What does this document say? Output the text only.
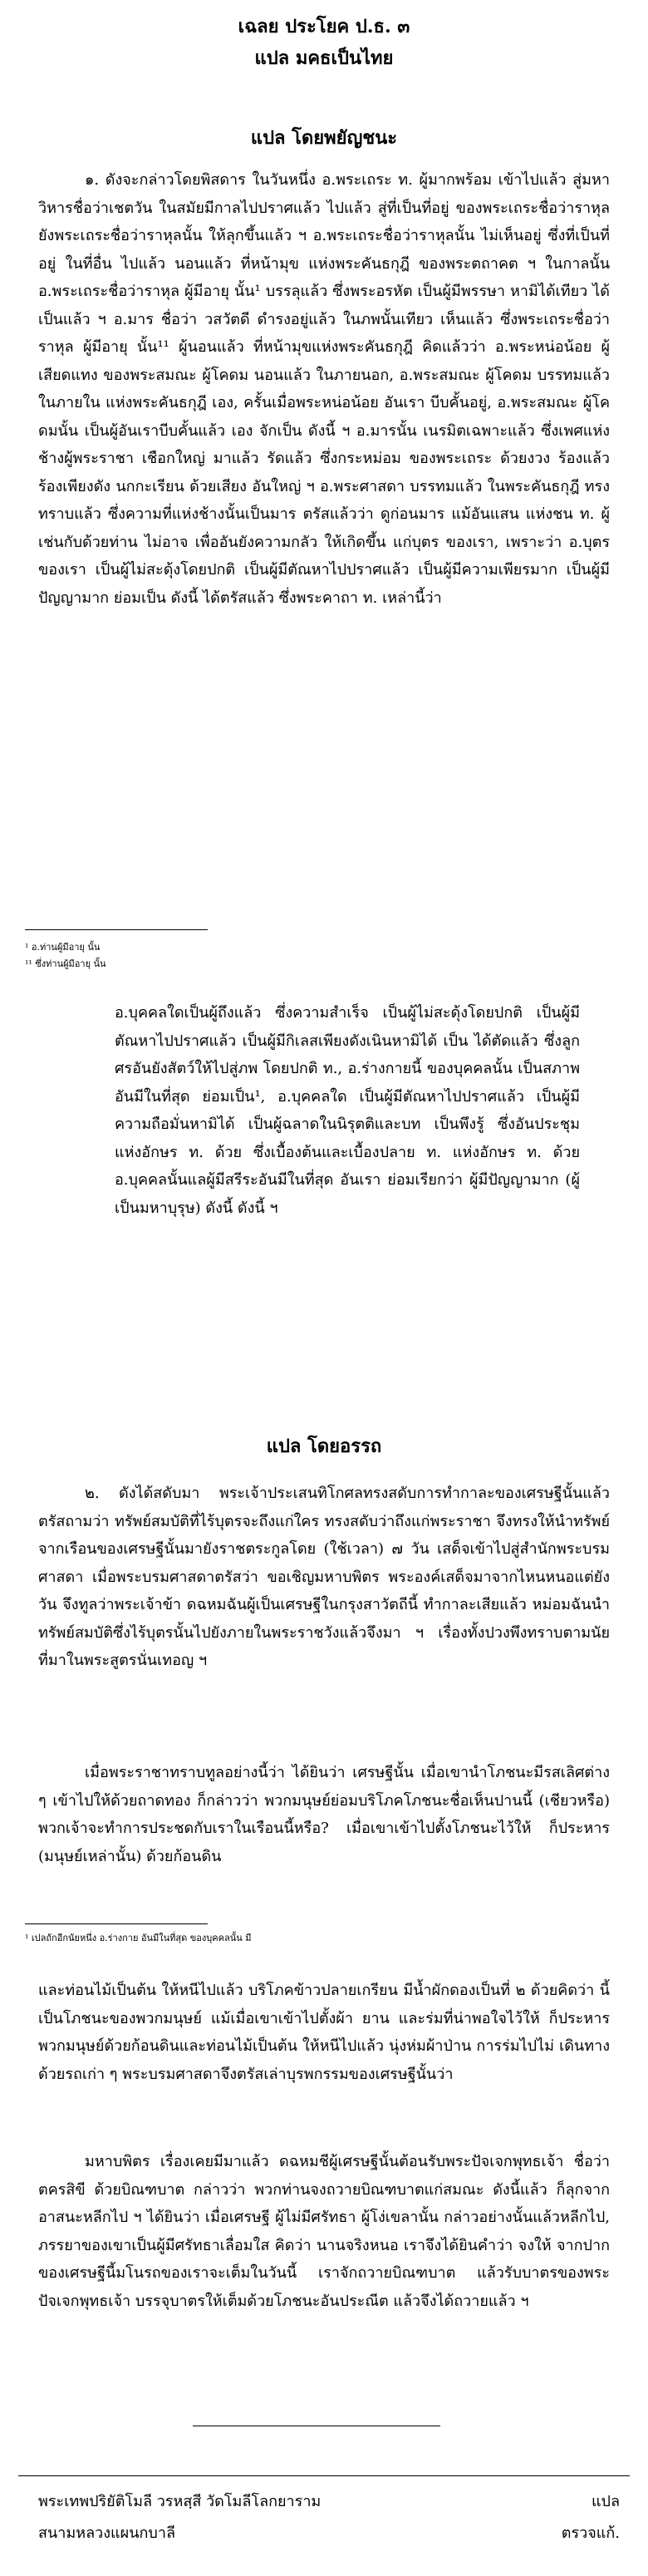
เฉลย ประโยค ป.ธ. ๓
แปล มคธเป็นไทย
แปล โดยพยัญชนะ

๑. ดังจะกล่าวโดยพิสดาร ในวันหนึ่ง อ.พระเถระ ท. ผู้มากพร้อม เข้าไปแล้ว สู่มหาวิหารชื่อว่าเชตวัน ในสมัยมีกาลไปปราศแล้ว ไปแล้ว สู่ที่เป็นที่อยู่ ของพระเถระชื่อว่าราหุล ยังพระเถระชื่อว่าราหุลนั้น ให้ลุกขึ้นแล้ว ฯ อ.พระเถระชื่อว่าราหุลนั้น ไม่เห็นอยู่ ซึ่งที่เป็นที่อยู่ ในที่อื่น ไปแล้ว นอนแล้ว ที่หน้ามุข แห่งพระคันธกุฎี ของพระตถาคต ฯ ในกาลนั้น อ.พระเถระชื่อว่าราหุล ผู้มีอายุ นั้น¹ บรรลุแล้ว ซึ่งพระอรหัต เป็นผู้มีพรรษา หามิได้เทียว ได้เป็นแล้ว ฯ อ.มาร ชื่อว่า วสวัตดี ดำรงอยู่แล้ว ในภพนั้นเทียว เห็นแล้ว ซึ่งพระเถระชื่อว่าราหุล ผู้มีอายุ นั้น¹¹ ผู้นอนแล้ว ที่หน้ามุขแห่งพระคันธกุฎี คิดแล้วว่า อ.พระหน่อน้อย ผู้เสียดแทง ของพระสมณะ ผู้โคดม นอนแล้ว ในภายนอก, อ.พระสมณะ ผู้โคดม บรรทมแล้ว ในภายใน แห่งพระคันธกุฎี เอง, ครั้นเมื่อพระหน่อน้อย อันเรา บีบคั้นอยู่, อ.พระสมณะ ผู้โคดมนั้น เป็นผู้อันเราบีบคั้นแล้ว เอง จักเป็น ดังนี้ ฯ อ.มารนั้น เนรมิตเฉพาะแล้ว ซึ่งเพศแห่งช้างผู้พระราชา เชือกใหญ่ มาแล้ว รัดแล้ว ซึ่งกระหม่อม ของพระเถระ ด้วยงวง ร้องแล้ว ร้องเพียงดัง นกกะเรียน ด้วยเสียง อันใหญ่ ฯ อ.พระศาสดา บรรทมแล้ว ในพระคันธกุฎี ทรงทราบแล้ว ซึ่งความที่แห่งช้างนั้นเป็นมาร ตรัสแล้วว่า ดูก่อนมาร แม้อันแสน แห่งชน ท. ผู้เช่นกับด้วยท่าน ไม่อาจ เพื่ออันยังความกลัว ให้เกิดขึ้น แก่บุตร ของเรา, เพราะว่า อ.บุตร ของเรา เป็นผู้ไม่สะดุ้งโดยปกติ เป็นผู้มีตัณหาไปปราศแล้ว เป็นผู้มีความเพียรมาก เป็นผู้มีปัญญามาก ย่อมเป็น ดังนี้ ได้ตรัสแล้ว ซึ่งพระคาถา ท. เหล่านี้ว่า

¹ อ.ท่านผู้มีอายุ นั้น
¹¹ ซึ่งท่านผู้มีอายุ นั้น

อ.บุคคลใดเป็นผู้ถึงแล้ว ซึ่งความสำเร็จ เป็นผู้ไม่สะดุ้งโดยปกติ เป็นผู้มีตัณหาไปปราศแล้ว เป็นผู้มีกิเลสเพียงดังเนินหามิได้ เป็น ได้ตัดแล้ว ซึ่งลูกศรอันยังสัตว์ให้ไปสู่ภพ โดยปกติ ท., อ.ร่างกายนี้ ของบุคคลนั้น เป็นสภาพอันมีในที่สุด ย่อมเป็น¹, อ.บุคคลใด เป็นผู้มีตัณหาไปปราศแล้ว เป็นผู้มีความถือมั่นหามิได้ เป็นผู้ฉลาดในนิรุตติและบท เป็นพึงรู้ ซึ่งอันประชุม แห่งอักษร ท. ด้วย ซึ่งเบื้องต้นและเบื้องปลาย ท. แห่งอักษร ท. ด้วย อ.บุคคลนั้นแลผู้มีสรีระอันมีในที่สุด อันเรา ย่อมเรียกว่า ผู้มีปัญญามาก (ผู้เป็นมหาบุรุษ) ดังนี้ ดังนี้ ฯ

แปล โดยอรรถ

๒. ดังได้สดับมา พระเจ้าประเสนทิโกศลทรงสดับการทำกาละของเศรษฐีนั้นแล้ว ตรัสถามว่า ทรัพย์สมบัติที่ไร้บุตรจะถึงแก่ใคร ทรงสดับว่าถึงแก่พระราชา จึงทรงให้นำทรัพย์จากเรือนของเศรษฐีนั้นมายังราชตระกูลโดย (ใช้เวลา) ๗ วัน เสด็จเข้าไปสู่สำนักพระบรมศาสดา เมื่อพระบรมศาสดาตรัสว่า ขอเชิญมหาบพิตร พระองค์เสด็จมาจากไหนหนอแต่ยังวัน จึงทูลว่าพระเจ้าข้า ดฉหมฉันผู้เป็นเศรษฐีในกรุงสาวัตถีนี้ ทำกาละเสียแล้ว หม่อมฉันนำทรัพย์สมบัติซึ่งไร้บุตรนั้นไปยังภายในพระราชวังแล้วจึงมา ฯ เรื่องทั้งปวงพึงทราบตามนัยที่มาในพระสูตรนั่นเทอญ ฯ

เมื่อพระราชาทราบทูลอย่างนี้ว่า ได้ยินว่า เศรษฐีนั้น เมื่อเขานำโภชนะมีรสเลิศต่าง ๆ เข้าไปให้ด้วยถาดทอง ก็กล่าวว่า พวกมนุษย์ย่อมบริโภคโภชนะชื่อเห็นปานนี้ (เชียวหรือ) พวกเจ้าจะทำการประชดกับเราในเรือนนี้หรือ? เมื่อเขาเข้าไปตั้งโภชนะไว้ให้ ก็ประหาร (มนุษย์เหล่านั้น) ด้วยก้อนดิน

¹ เปลถักอีกนัยหนึ่ง อ.ร่างกาย อันมีในที่สุด ของบุคคลนั้น มี

และท่อนไม้เป็นต้น ให้หนีไปแล้ว บริโภคข้าวปลายเกรียน มีน้ำผักดองเป็นที่ ๒ ด้วยคิดว่า นี้เป็นโภชนะของพวกมนุษย์ แม้เมื่อเขาเข้าไปตั้งผ้า ยาน และร่มที่น่าพอใจไว้ให้ ก็ประหารพวกมนุษย์ด้วยก้อนดินและท่อนไม้เป็นต้น ให้หนีไปแล้ว นุ่งห่มผ้าป่าน การร่มไปไม่ เดินทางด้วยรถเก่า ๆ พระบรมศาสดาจึงตรัสเล่าบุรพกรรมของเศรษฐีนั้นว่า

มหาบพิตร เรื่องเคยมีมาแล้ว ดฉหมชีผู้เศรษฐีนั้นต้อนรับพระปัจเจกพุทธเจ้า ชื่อว่า ตครสิขี ด้วยบิณฑบาต กล่าวว่า พวกท่านจงถวายบิณฑบาตแก่สมณะ ดังนี้แล้ว ก็ลุกจากอาสนะหลีกไป ฯ ได้ยินว่า เมื่อเศรษฐี ผู้ไม่มีศรัทธา ผู้โง่เขลานั้น กล่าวอย่างนั้นแล้วหลีกไป, ภรรยาของเขาเป็นผู้มีศรัทธาเลื่อมใส คิดว่า นานจริงหนอ เราจึงได้ยินคำว่า จงให้ จากปากของเศรษฐีนี้มโนรถของเราจะเต็มในวันนี้ เราจักถวายบิณฑบาต แล้วรับบาตรของพระปัจเจกพุทธเจ้า บรรจุบาตรให้เต็มด้วยโภชนะอันประณีต แล้วจึงได้ถวายแล้ว ฯ

พระเทพปริยัติโมลี วรหสฺสี วัดโมลีโลกยาราม	แปล
สนามหลวงแผนกบาลี	ตรวจแก้.
